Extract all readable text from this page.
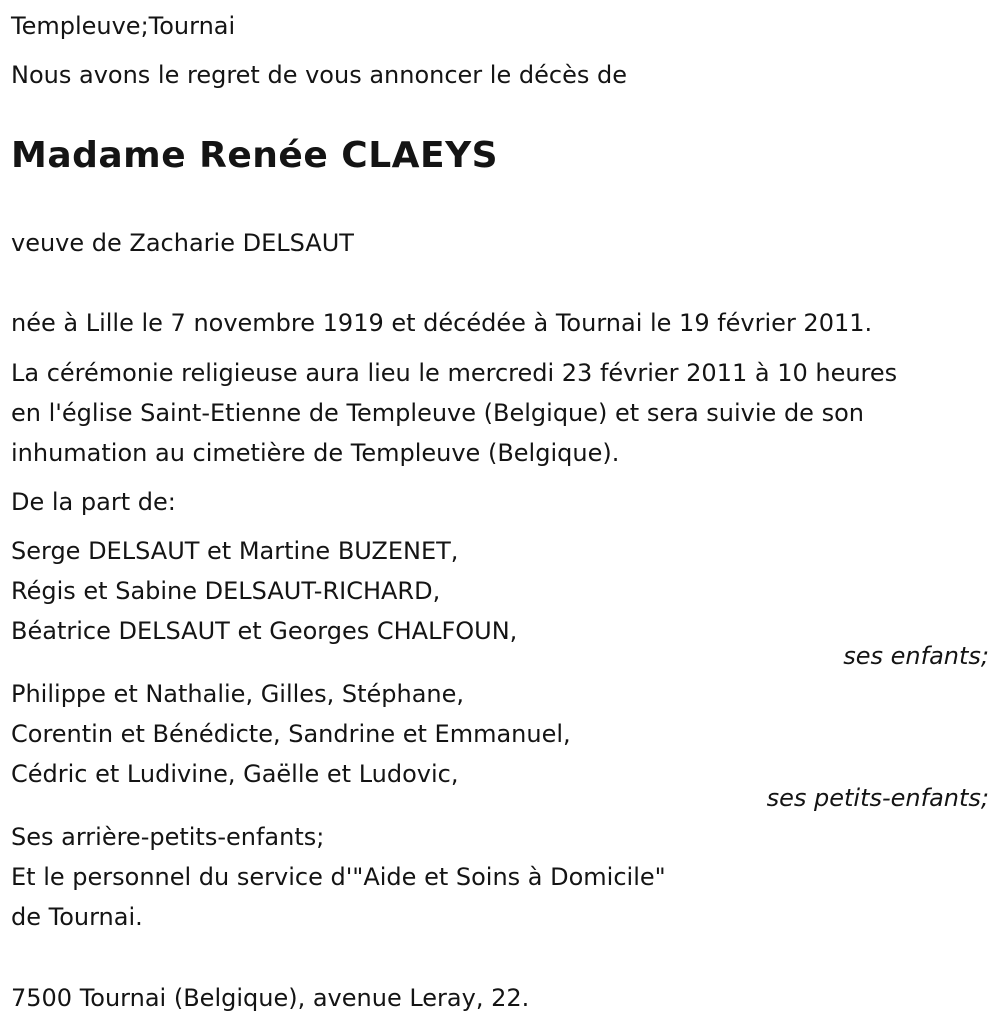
Templeuve;Tournai
Nous avons le regret de vous annoncer le décès de
Madame Renée CLAEYS
veuve de Zacharie DELSAUT
née à Lille le 7 novembre 1919 et décédée à Tournai le 19 février 2011.
La cérémonie religieuse aura lieu le mercredi 23 février 2011 à 10 heures
en l'église Saint-Etienne de Templeuve (Belgique) et sera suivie de son
inhumation au cimetière de Templeuve (Belgique).
De la part de:
Serge DELSAUT et Martine BUZENET,
Régis et Sabine DELSAUT-RICHARD,
Béatrice DELSAUT et Georges CHALFOUN,
ses enfants;
Philippe et Nathalie, Gilles, Stéphane,
Corentin et Bénédicte, Sandrine et Emmanuel,
Cédric et Ludivine, Gaëlle et Ludovic,
ses petits-enfants;
Ses arrière-petits-enfants;
Et le personnel du service d'"Aide et Soins à Domicile"
de Tournai.
7500 Tournai (Belgique), avenue Leray, 22.
